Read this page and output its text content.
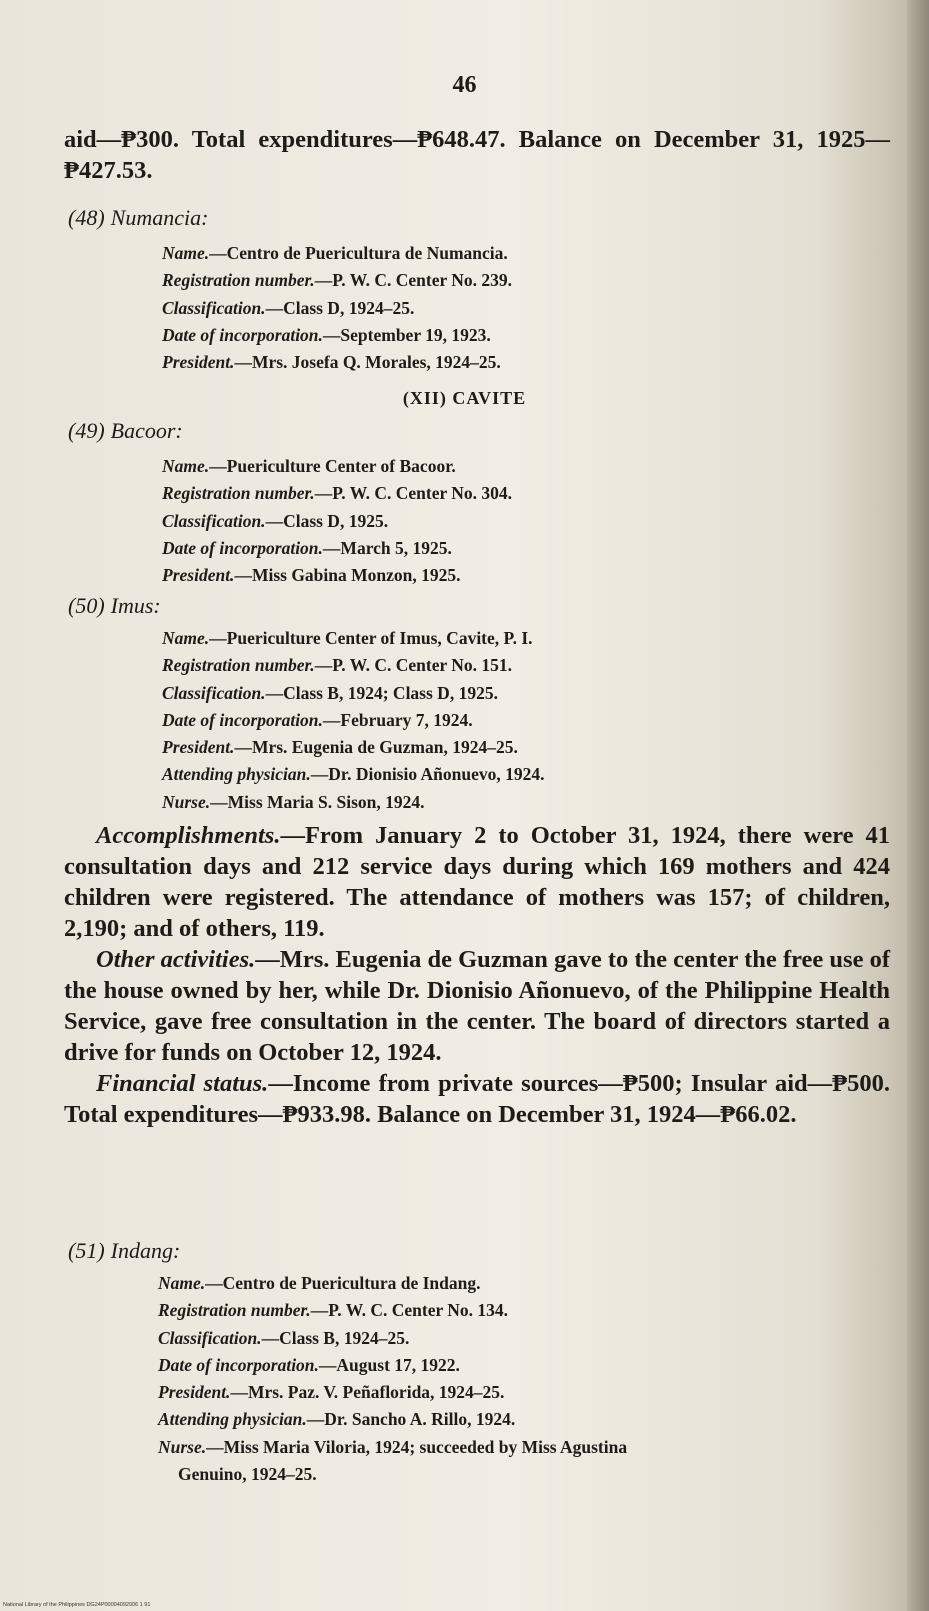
46

aid—₱300. Total expenditures—₱648.47. Balance on December 31, 1925—₱427.53.

(48) Numancia:
Name.—Centro de Puericultura de Numancia.
Registration number.—P. W. C. Center No. 239.
Classification.—Class D, 1924–25.
Date of incorporation.—September 19, 1923.
President.—Mrs. Josefa Q. Morales, 1924–25.
(XII) CAVITE
(49) Bacoor:
Name.—Puericulture Center of Bacoor.
Registration number.—P. W. C. Center No. 304.
Classification.—Class D, 1925.
Date of incorporation.—March 5, 1925.
President.—Miss Gabina Monzon, 1925.
(50) Imus:
Name.—Puericulture Center of Imus, Cavite, P. I.
Registration number.—P. W. C. Center No. 151.
Classification.—Class B, 1924; Class D, 1925.
Date of incorporation.—February 7, 1924.
President.—Mrs. Eugenia de Guzman, 1924–25.
Attending physician.—Dr. Dionisio Añonuevo, 1924.
Nurse.—Miss Maria S. Sison, 1924.

Accomplishments.—From January 2 to October 31, 1924, there were 41 consultation days and 212 service days during which 169 mothers and 424 children were registered. The attendance of mothers was 157; of children, 2,190; and of others, 119.

Other activities.—Mrs. Eugenia de Guzman gave to the center the free use of the house owned by her, while Dr. Dionisio Añonuevo, of the Philippine Health Service, gave free consultation in the center. The board of directors started a drive for funds on October 12, 1924.

Financial status.—Income from private sources—₱500; Insular aid—₱500. Total expenditures—₱933.98. Balance on December 31, 1924—₱66.02.

(51) Indang:
Name.—Centro de Puericultura de Indang.
Registration number.—P. W. C. Center No. 134.
Classification.—Class B, 1924–25.
Date of incorporation.—August 17, 1922.
President.—Mrs. Paz. V. Peñaflorida, 1924–25.
Attending physician.—Dr. Sancho A. Rillo, 1924.
Nurse.—Miss Maria Viloria, 1924; succeeded by Miss Agustina
Genuino, 1924–25.
National Library of the Philippines DG24P00004092006 1 91
